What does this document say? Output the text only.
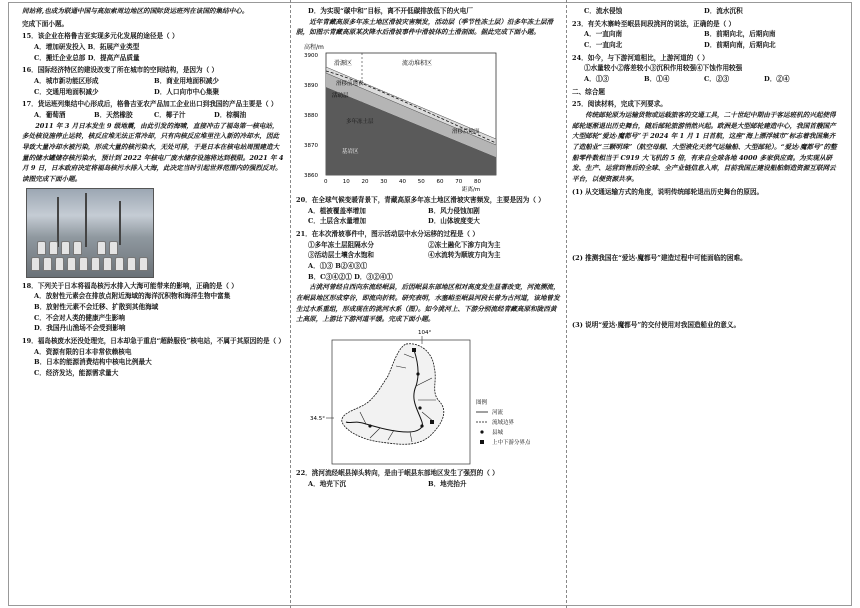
间站将,也成为联通中国与高加索周边地区的国际货运班列在该国的集结中心。

完成下面小题。

15．该企业在格鲁吉亚实现多元化发展的途径是（ ）

A．增加研发投入 B．拓展产业类型

C．搬迁企业总部 D．提高产品质量

16．国际经济特区的建设改变了所在城市的空间结构，是因为（ ）

A．城市新功能区形成	B．商业用地面积减少

C．交通用地面积减少	D．人口向市中心集聚

17．货运班列集结中心形成后，格鲁吉亚农产品加工企业出口到我国的产品主要是（ ）

A．葡萄酒	B．天然橡胶	C．椰子汁	D．棕榈油

2011 年 3 月日本发生 9 级地震，由此引发的海啸，直接冲击了福岛第一核电站，多处核设施停止运转，核反应堆无法正常冷却，只有向核反应堆里注入新的冷却水，因此导致大量冷却水被污染，形成大量的核污染水，无处可排，于是日本在核电站周围建造大量的储水罐储存核污染水，预计到 2022 年核电厂废水储存设施将达到极限。2021 年 4 月 9 日，日本政府决定将福岛核污水排入大海，此决定当时引起世界范围内的强烈反对。读图完成下面小题。

18．下列关于日本将福岛核污水排入大海可能带来的影响，正确的是（ ）

A．放射性元素会在排放点附近海域的海洋沉积物和海洋生物中富集

B．放射性元素不会迁移、扩散到其他海域

C．不会对人类的健康产生影响

D．我国丹山渔场不会受到影响

19．福岛核废水还没处理完，日本却急于重启“超龄服役”核电站，不属于其原因的是（ ）

A．资源有限的日本非常依赖核电

B．日本的能源消费结构中核电比例最大

C．经济发达，能源需求量大

D．为实现“碳中和”目标，离不开低碳排放低下的火电厂

近年青藏高原多年冻土地区滑坡灾害频发，活动层（季节性冻土层）沿多年冻土层滑脱，如图示青藏高原某次降水后滑坡事件中滑坡体的土滑剖面。据此完成下面小题。

高程/m
滑源区	流动堆积区
滑移前地表
活动层
多年冻土层
基岩区
滑移后地面
3900
3890
3880
3870
3860
0	10 20 30 40 50 60 70 80
距离/m

20．在全球气候变暖背景下，青藏高原多年冻土地区滑坡灾害频发，主要是因为（ ）

A．植被覆盖率增加	B．风力侵蚀加剧

C．土层含水量增加	D．山体坡度变大

21．在本次滑坡事件中，图示活动层中水分运移的过程是（ ）

①多年冻土层阻隔水分	②冻土融化下渗方向为主

③活动层土壤含水饱和	④水流转为顺坡方向为主

A．①③ B②④③①

B．C③④②① D．③②④①

古洮河曾经自西向东流经岷县，后因岷县东部地区相对高度发生显著改变，河流溯流，在岷县地区形成穿谷，即流向折转。研究表明，水塞峪至岷县河段长曾为古河道，该地曾发生过水系重组，形成现在的洮河水系（图）。如今洮河上、下游分别流经青藏高原和陇西黄土高原，上游比下游河道平缓。完成下面小题。

104°
34.5°
图例
河流
流域边界
县城
上中下游分界点

22．洮河流经岷县掉头转向，是由于岷县东部地区发生了强烈的（ ）

A．地壳下沉	B．地壳抬升

C．流水侵蚀	D．流水沉积

23．有关木寨岭至岷县间段洮河的说法，正确的是（ ）

A．一直向南	B．前期向北，后期向南

C．一直向北	D．前期向南，后期向北

24．如今，与下游河道相比，上游河道的（ ）

①水量较小②落差较小③沉积作用较强④下蚀作用较强

A．①③	B．①④	C．②③	D．②④

二、综合题

25．阅读材料，完成下列要求。

传统邮轮原为运输货物或运载旅客的交通工具，二十世纪中期由于客运班机的兴起使得邮轮逐渐退出历史舞台，随后邮轮旅游悄然兴起。欧洲是大型邮轮建造中心，我国首艘国产大型邮轮“爱达·魔都号”于 2024 年 1 月 1 日首航，这座“海上漂浮城市”标志着我国集齐了造船业“三颗明珠”（航空母舰、大型液化天然气运输船、大型邮轮）。“爱达·魔都号”的整船零件数相当于 C919 大飞机的 5 倍，有来自全球各地 4000 多家供应商。为实现从研发、生产、运营到售后的全球、全产业链信息入库，目前我国正建设船舶制造资源互联网云平台，以便资源共享。

(1) 从交通运输方式的角度，说明传统邮轮退出历史舞台的原因。

(2) 推测我国在“爱达·魔都号”建造过程中可能面临的困难。

(3) 说明“爱达·魔都号”的交付使用对我国造船业的意义。
